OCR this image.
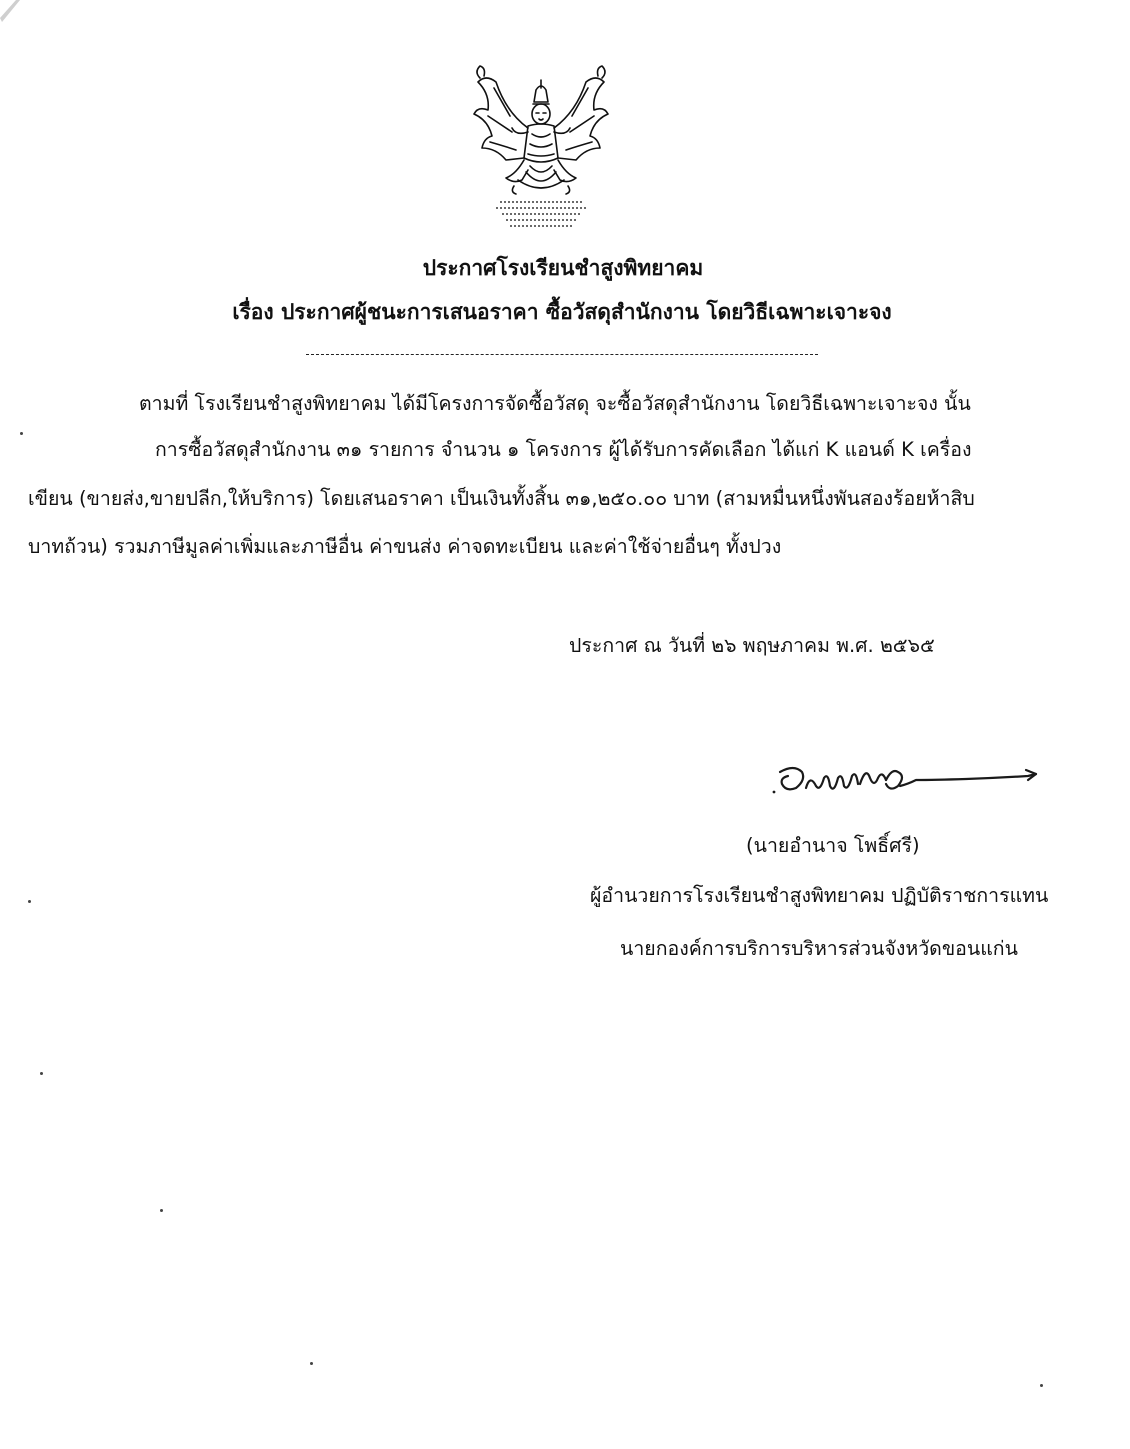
ประกาศโรงเรียนชำสูงพิทยาคม
เรื่อง ประกาศผู้ชนะการเสนอราคา ซื้อวัสดุสำนักงาน โดยวิธีเฉพาะเจาะจง
ตามที่ โรงเรียนชำสูงพิทยาคม ได้มีโครงการจัดซื้อวัสดุ จะซื้อวัสดุสำนักงาน โดยวิธีเฉพาะเจาะจง นั้น
การซื้อวัสดุสำนักงาน ๓๑ รายการ จำนวน ๑ โครงการ ผู้ได้รับการคัดเลือก ได้แก่ K แอนด์ K เครื่อง
เขียน (ขายส่ง,ขายปลีก,ให้บริการ) โดยเสนอราคา เป็นเงินทั้งสิ้น ๓๑,๒๕๐.๐๐ บาท (สามหมื่นหนึ่งพันสองร้อยห้าสิบ
บาทถ้วน) รวมภาษีมูลค่าเพิ่มและภาษีอื่น ค่าขนส่ง ค่าจดทะเบียน และค่าใช้จ่ายอื่นๆ ทั้งปวง
ประกาศ ณ วันที่ ๒๖ พฤษภาคม พ.ศ. ๒๕๖๕
(นายอำนาจ โพธิ์ศรี)
ผู้อำนวยการโรงเรียนชำสูงพิทยาคม ปฏิบัติราชการแทน
นายกองค์การบริการบริหารส่วนจังหวัดขอนแก่น
